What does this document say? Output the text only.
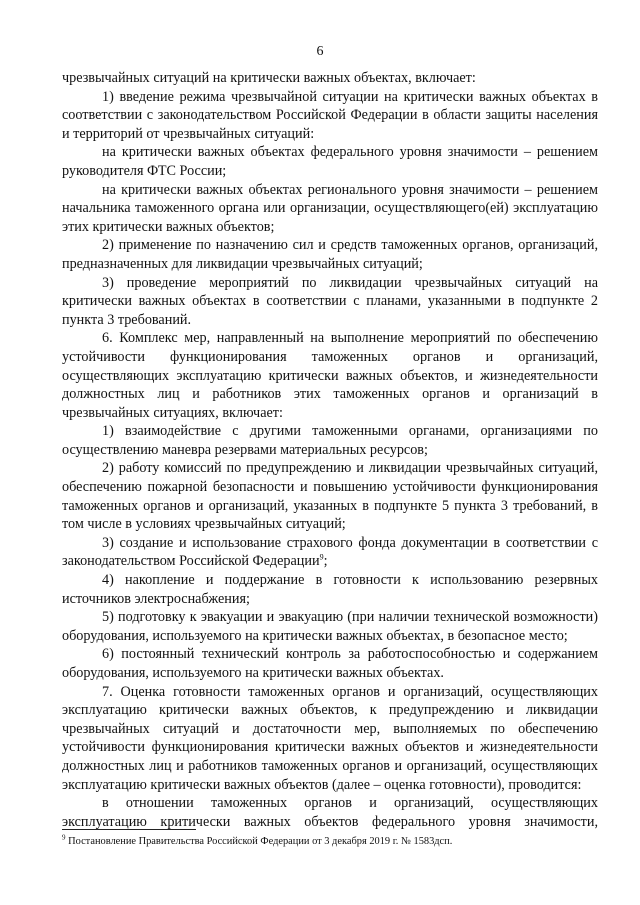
6

чрезвычайных ситуаций на критически важных объектах, включает:

1) введение режима чрезвычайной ситуации на критически важных объектах в соответствии с законодательством Российской Федерации в области защиты населения и территорий от чрезвычайных ситуаций:

на критически важных объектах федерального уровня значимости – решением руководителя ФТС России;

на критически важных объектах регионального уровня значимости – решением начальника таможенного органа или организации, осуществляющего(ей) эксплуатацию этих критически важных объектов;

2) применение по назначению сил и средств таможенных органов, организаций, предназначенных для ликвидации чрезвычайных ситуаций;

3) проведение мероприятий по ликвидации чрезвычайных ситуаций на критически важных объектах в соответствии с планами, указанными в подпункте 2 пункта 3 требований.

6. Комплекс мер, направленный на выполнение мероприятий по обеспечению устойчивости функционирования таможенных органов и организаций, осуществляющих эксплуатацию критически важных объектов, и жизнедеятельности должностных лиц и работников этих таможенных органов и организаций в чрезвычайных ситуациях, включает:

1) взаимодействие с другими таможенными органами, организациями по осуществлению маневра резервами материальных ресурсов;

2) работу комиссий по предупреждению и ликвидации чрезвычайных ситуаций, обеспечению пожарной безопасности и повышению устойчивости функционирования таможенных органов и организаций, указанных в подпункте 5 пункта 3 требований, в том числе в условиях чрезвычайных ситуаций;

3) создание и использование страхового фонда документации в соответствии с законодательством Российской Федерации$^9$;

4) накопление и поддержание в готовности к использованию резервных источников электроснабжения;

5) подготовку к эвакуации и эвакуацию (при наличии технической возможности) оборудования, используемого на критически важных объектах, в безопасное место;

6) постоянный технический контроль за работоспособностью и содержанием оборудования, используемого на критически важных объектах.

7. Оценка готовности таможенных органов и организаций, осуществляющих эксплуатацию критически важных объектов, к предупреждению и ликвидации чрезвычайных ситуаций и достаточности мер, выполняемых по обеспечению устойчивости функционирования критически важных объектов и жизнедеятельности должностных лиц и работников таможенных органов и организаций, осуществляющих эксплуатацию критически важных объектов (далее – оценка готовности), проводится:

в отношении таможенных органов и организаций, осуществляющих эксплуатацию критически важных объектов федерального уровня значимости,

$^9$ Постановление Правительства Российской Федерации от 3 декабря 2019 г. № 1583дсп.
